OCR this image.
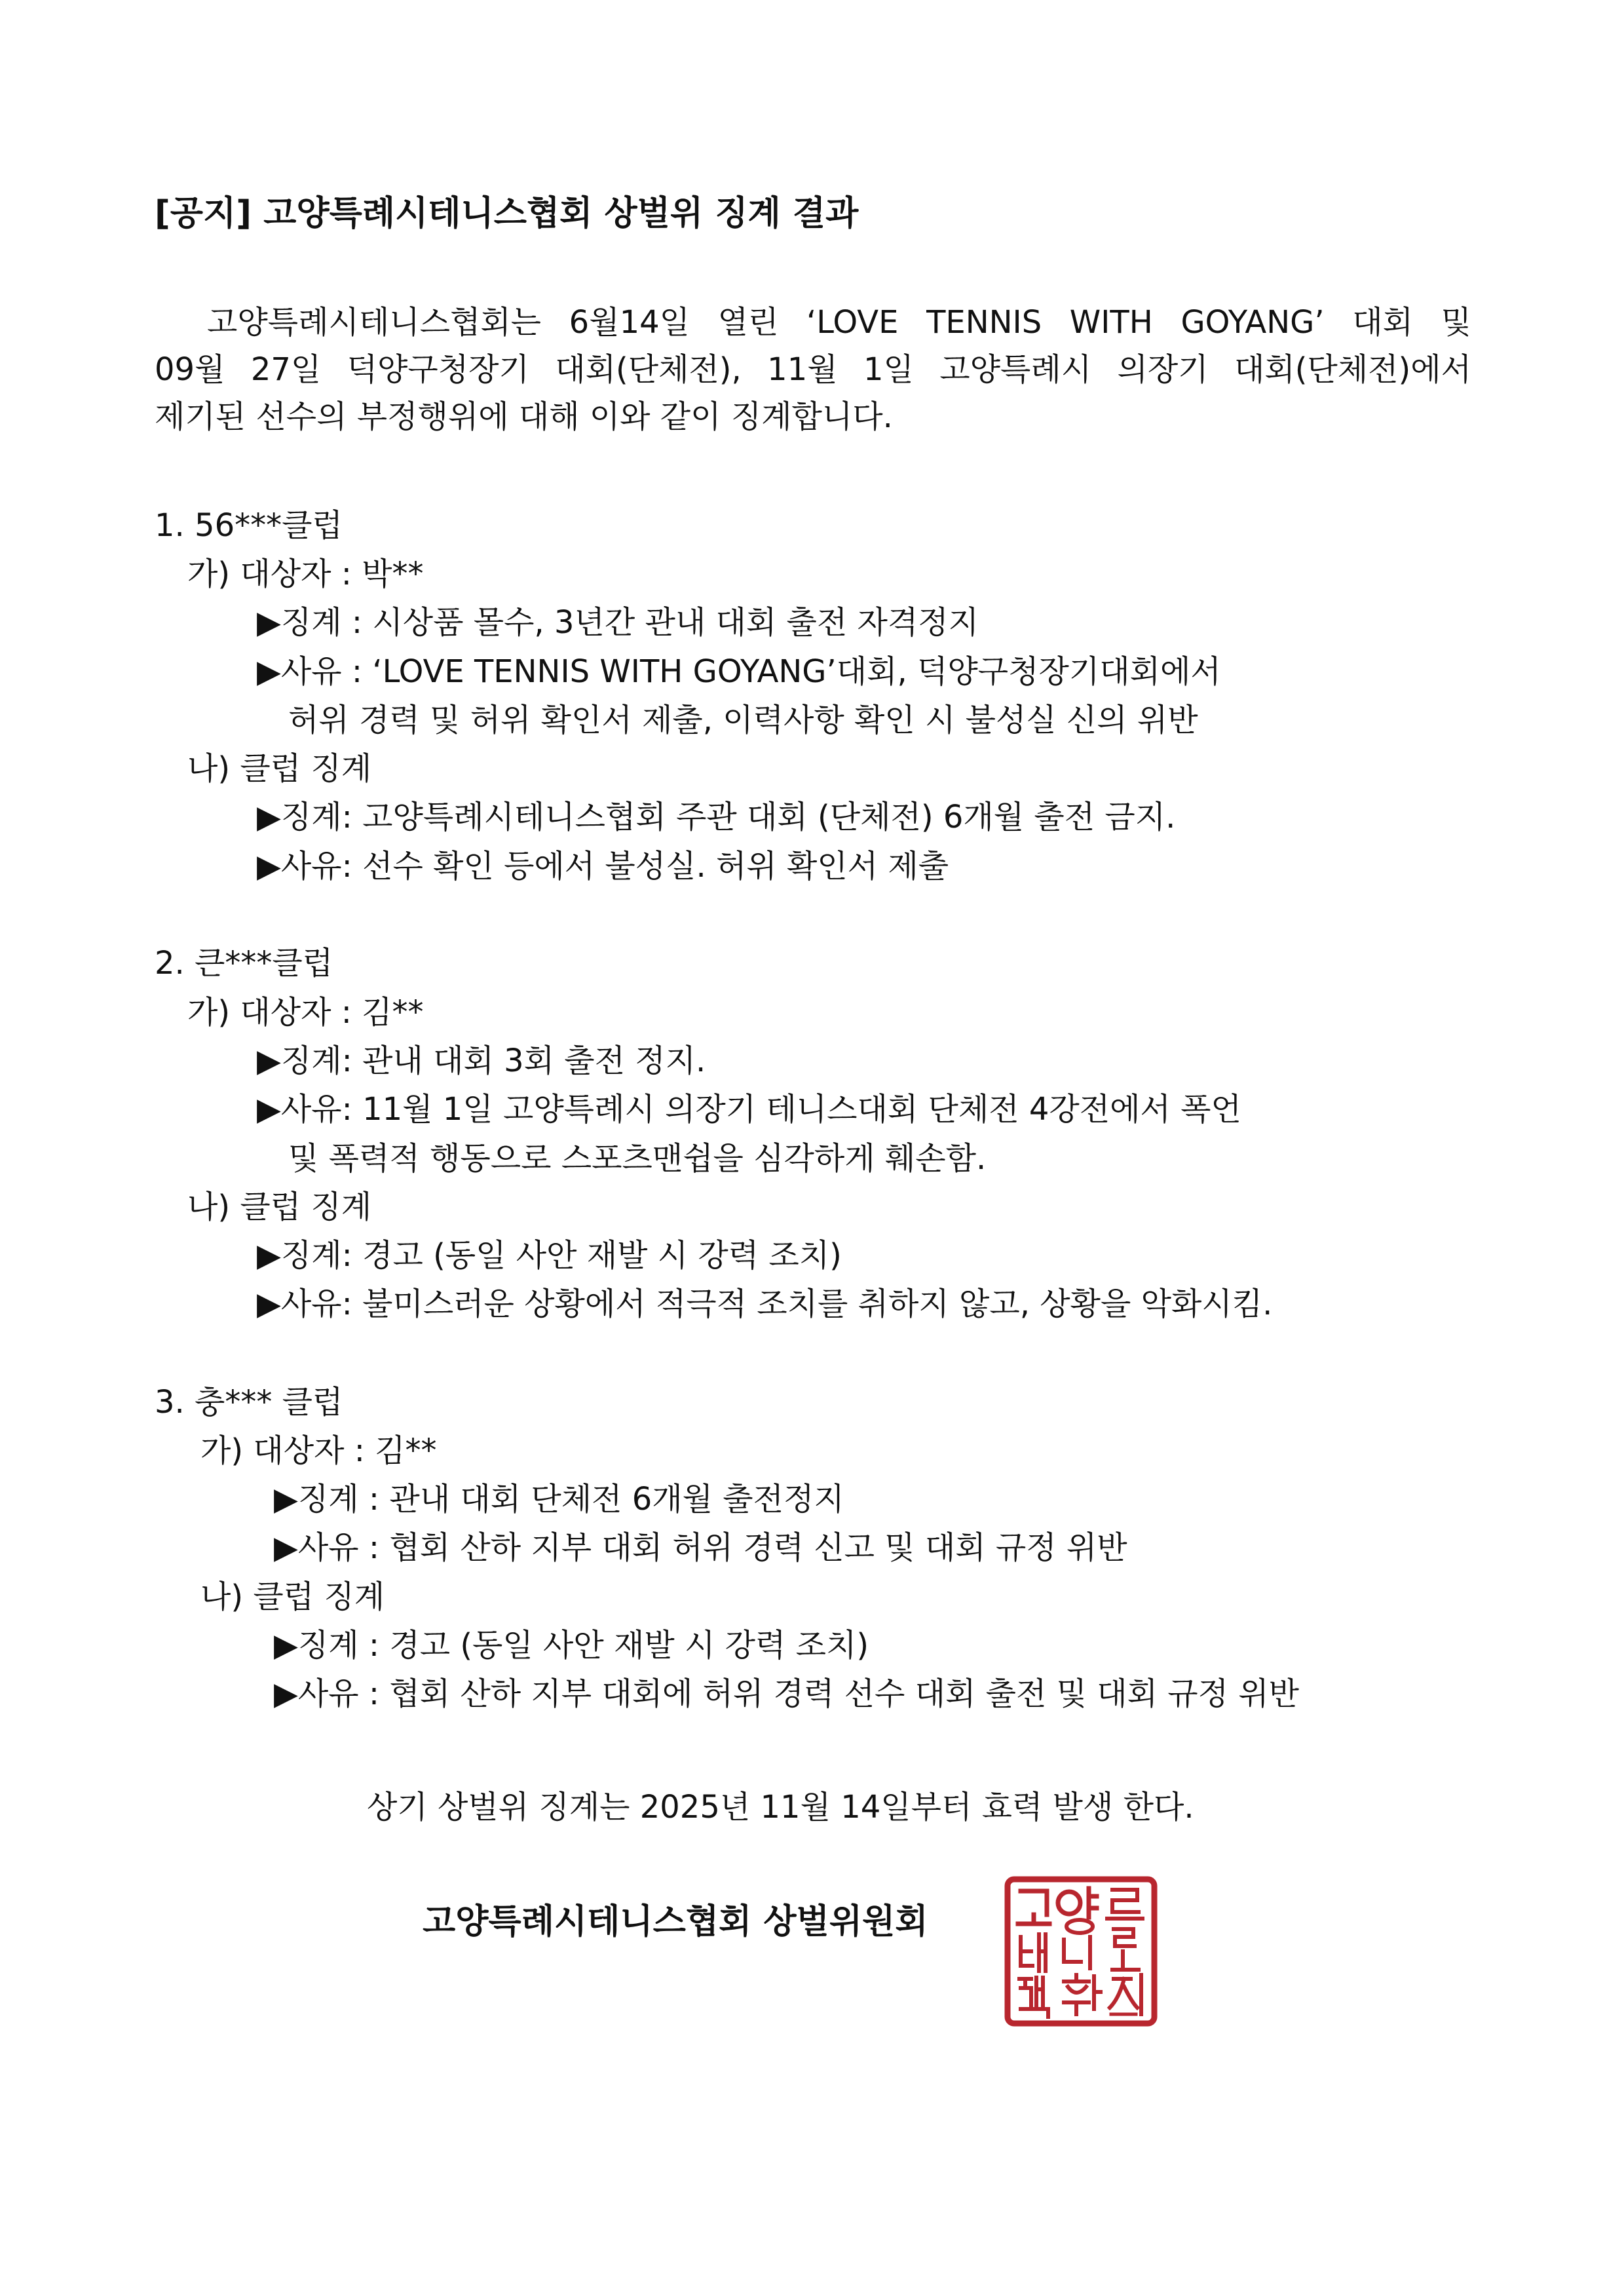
[공지] 고양특례시테니스협회 상벌위 징계 결과
고양특례시테니스협회는 6월14일 열린 ‘LOVE TENNIS WITH GOYANG’ 대회 및
09월 27일 덕양구청장기 대회(단체전), 11월 1일 고양특례시 의장기 대회(단체전)에서
제기된 선수의 부정행위에 대해 이와 같이 징계합니다.
1. 56***클럽
가) 대상자 : 박**
▶징계 : 시상품 몰수, 3년간 관내 대회 출전 자격정지
▶사유 : ‘LOVE TENNIS WITH GOYANG’대회, 덕양구청장기대회에서
허위 경력 및 허위 확인서 제출, 이력사항 확인 시 불성실 신의 위반
나) 클럽 징계
▶징계: 고양특례시테니스협회 주관 대회 (단체전) 6개월 출전 금지.
▶사유: 선수 확인 등에서 불성실. 허위 확인서 제출
2. 큰***클럽
가) 대상자 : 김**
▶징계: 관내 대회 3회 출전 정지.
▶사유: 11월 1일 고양특례시 의장기 테니스대회 단체전 4강전에서 폭언
및 폭력적 행동으로 스포츠맨쉽을 심각하게 훼손함.
나) 클럽 징계
▶징계: 경고 (동일 사안 재발 시 강력 조치)
▶사유: 불미스러운 상황에서 적극적 조치를 취하지 않고, 상황을 악화시킴.
3. 충*** 클럽
가) 대상자 : 김**
▶징계 : 관내 대회 단체전 6개월 출전정지
▶사유 : 협회 산하 지부 대회 허위 경력 신고 및 대회 규정 위반
나) 클럽 징계
▶징계 : 경고 (동일 사안 재발 시 강력 조치)
▶사유 : 협회 산하 지부 대회에 허위 경력 선수 대회 출전 및 대회 규정 위반
상기 상벌위 징계는 2025년 11월 14일부터 효력 발생 한다.
고양특례시테니스협회 상벌위원회
